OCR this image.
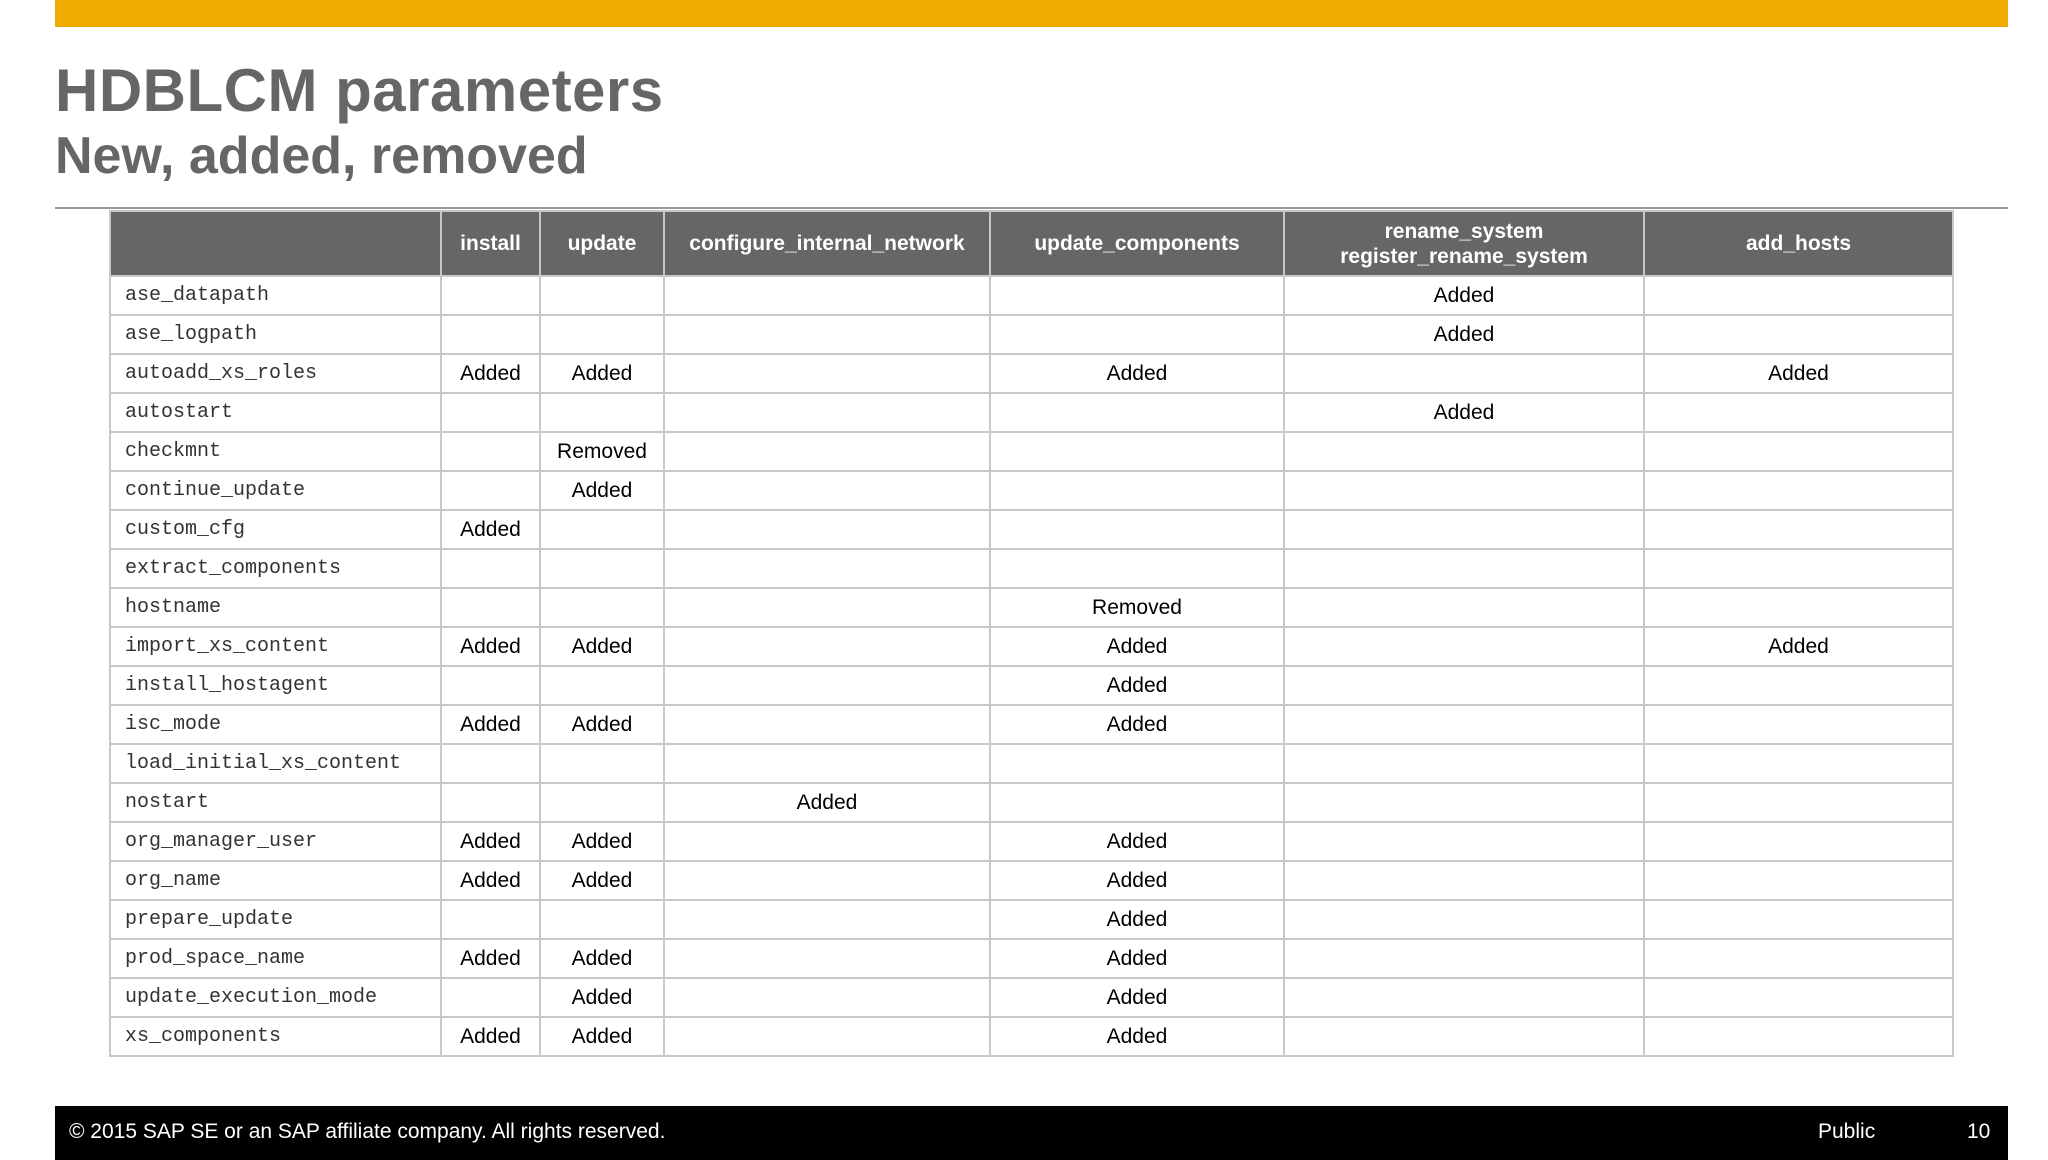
HDBLCM parameters
New, added, removed
	install	update	configure_internal_network	update_components	rename_system
register_rename_system	add_hosts
ase_datapath					Added	
ase_logpath					Added	
autoadd_xs_roles	Added	Added		Added		Added
autostart					Added	
checkmnt		Removed				
continue_update		Added				
custom_cfg	Added					
extract_components						
hostname				Removed		
import_xs_content	Added	Added		Added		Added
install_hostagent				Added		
isc_mode	Added	Added		Added		
load_initial_xs_content						
nostart			Added			
org_manager_user	Added	Added		Added		
org_name	Added	Added		Added		
prepare_update				Added		
prod_space_name	Added	Added		Added		
update_execution_mode		Added		Added		
xs_components	Added	Added		Added		
© 2015 SAP SE or an SAP affiliate company. All rights reserved.	Public	10
